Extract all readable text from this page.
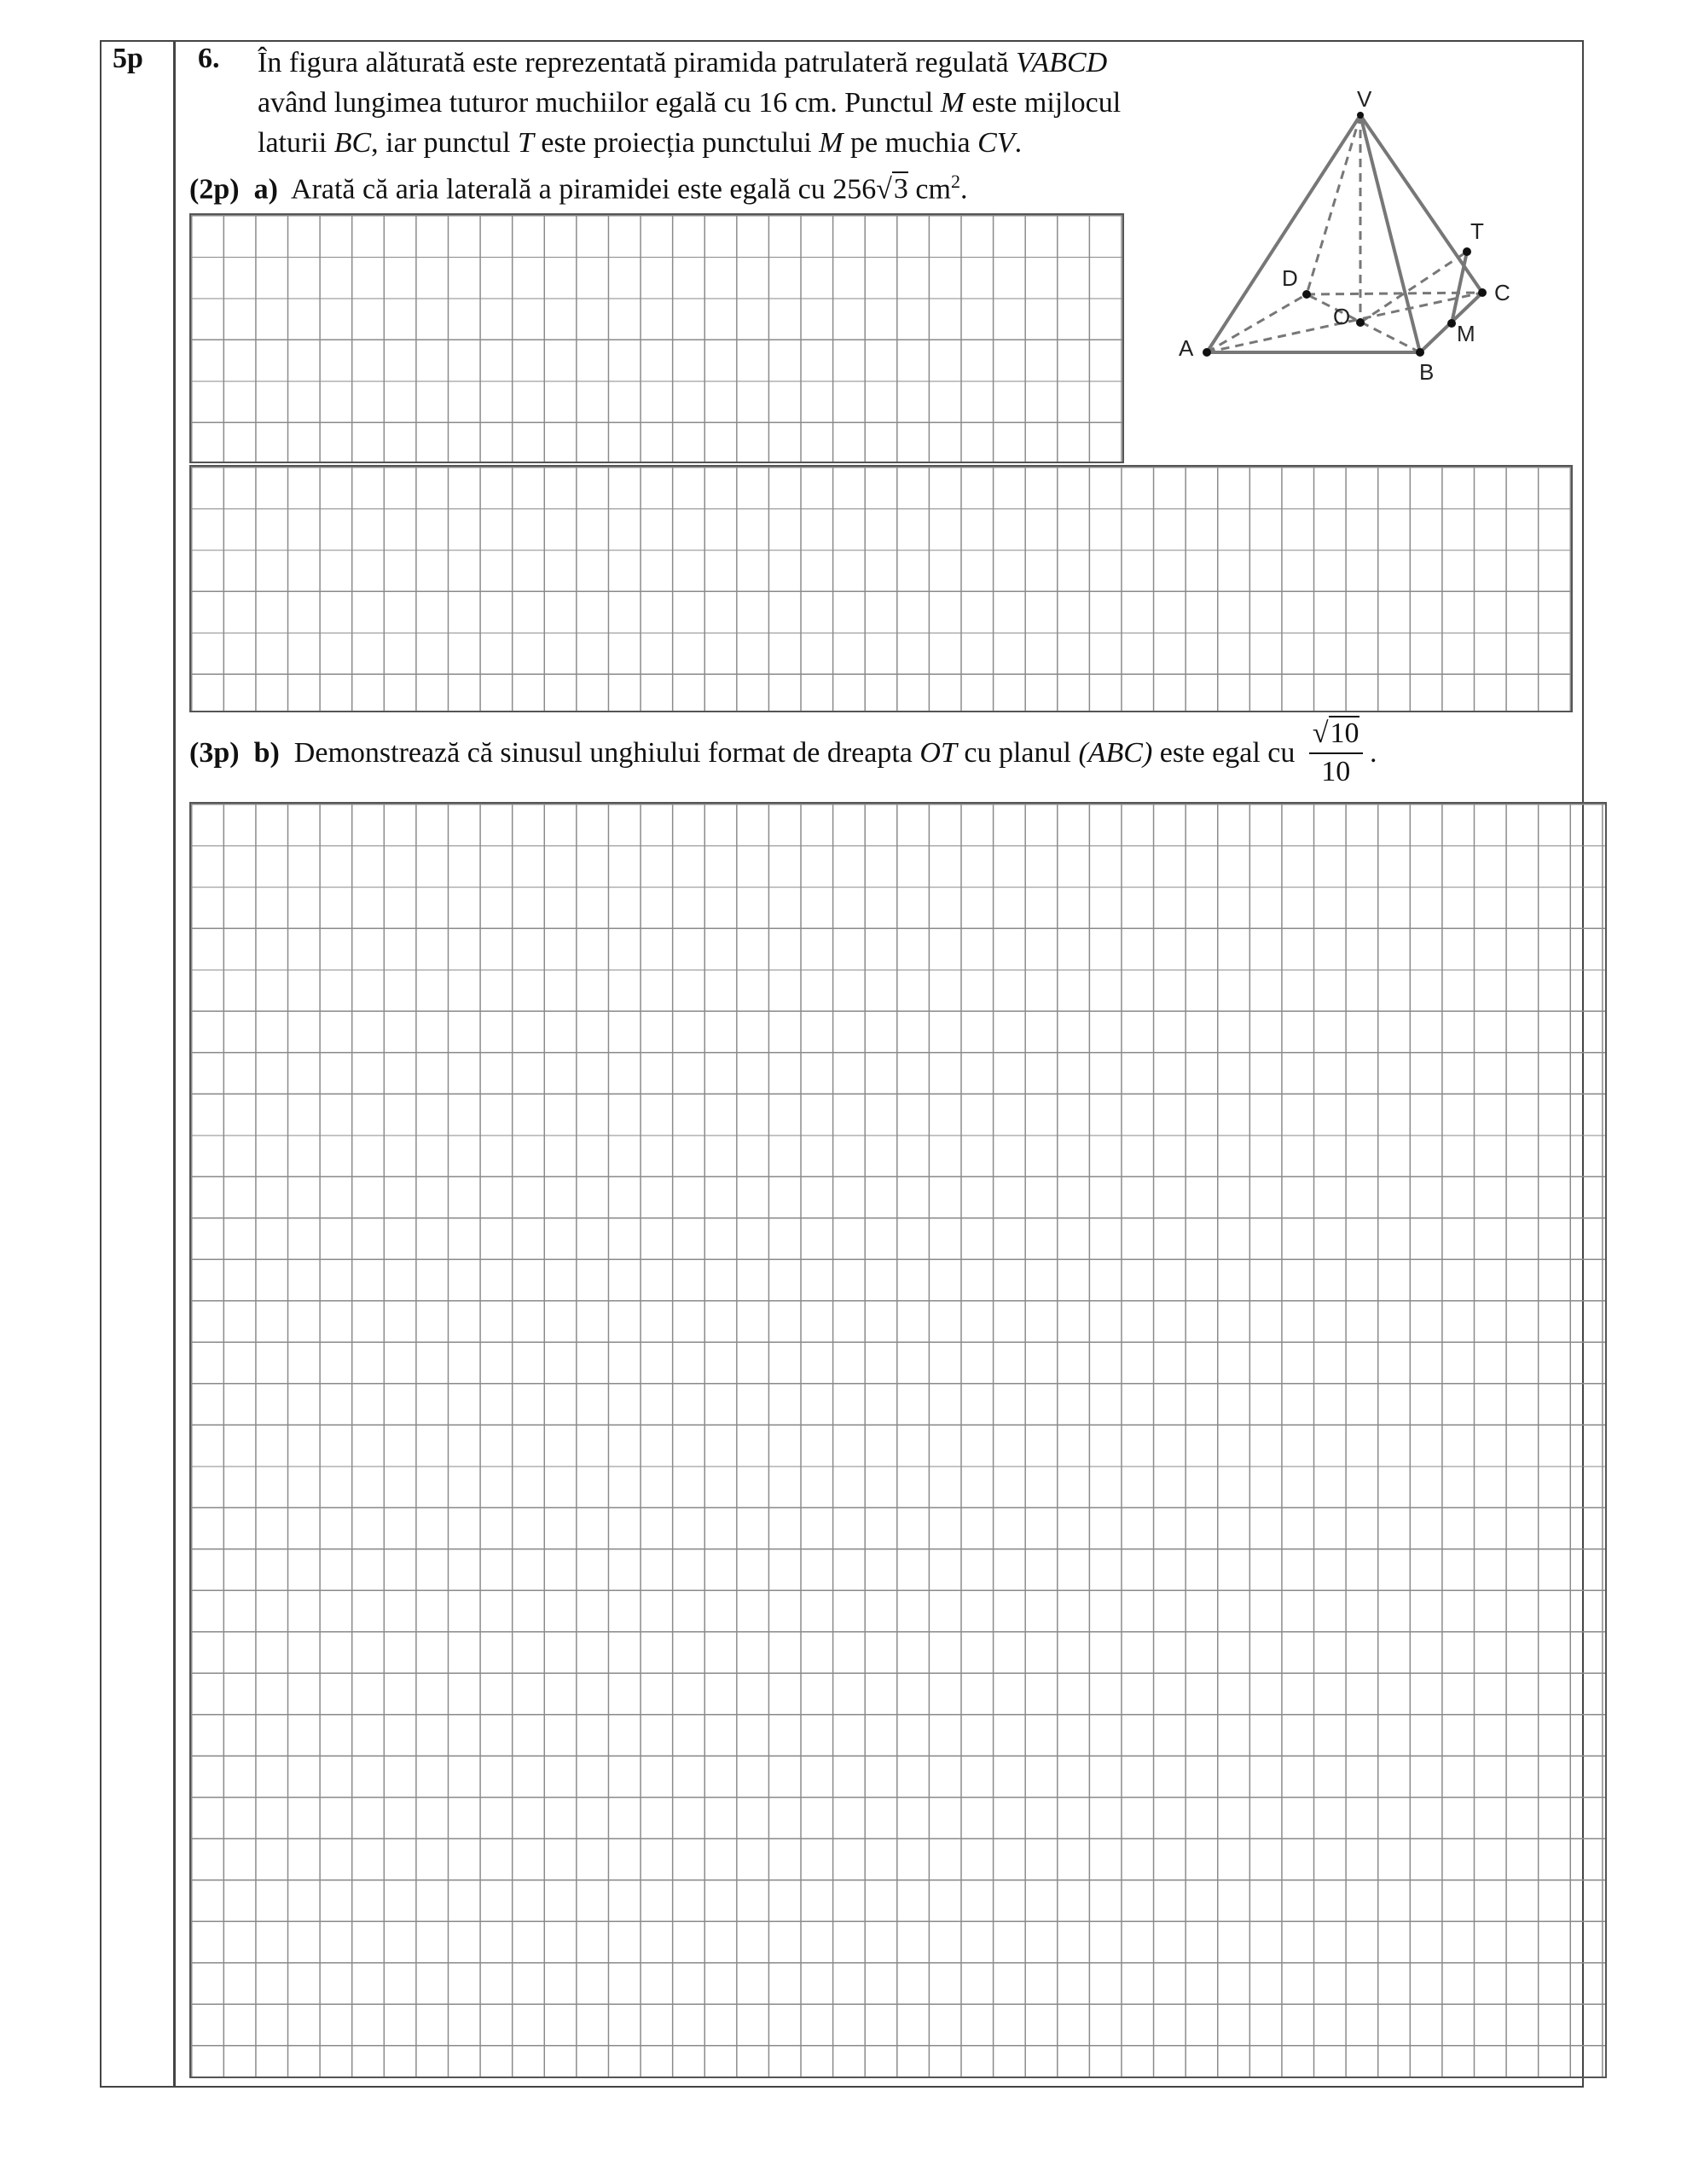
5p 6. În figura alăturată este reprezentată piramida patrulateră regulată VABCD
având lungimea tuturor muchiilor egală cu 16 cm. Punctul M este mijlocul
laturii BC, iar punctul T este proiecția punctului M pe muchia CV.
(2p) a) Arată că aria laterală a piramidei este egală cu 256√3 $cm^2$.
(3p) b) Demonstrează că sinusul unghiului format de dreapta OT cu planul (ABC) este egal cu $\frac{√10}{10}$ .
V
A
B
C
D
O
M
T
